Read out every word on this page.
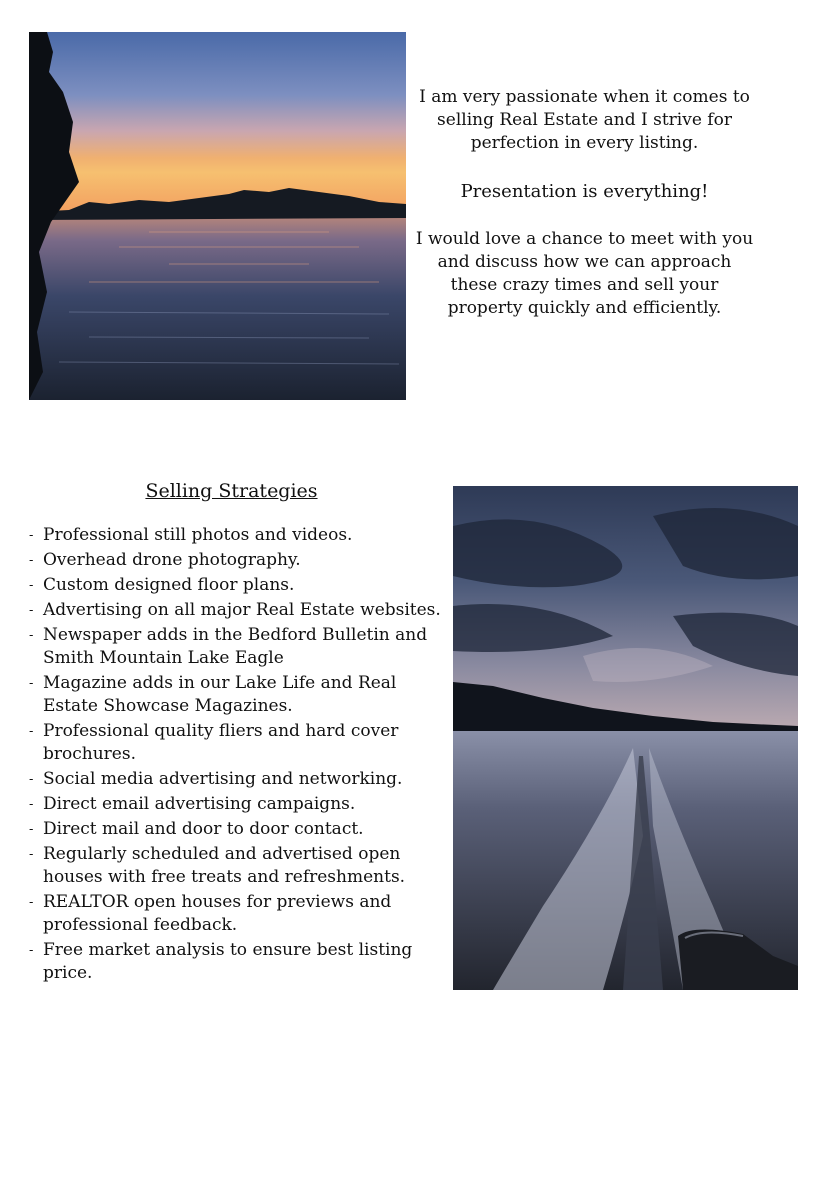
I am very passionate when it comes to selling Real Estate and I strive for perfection in every listing.

Presentation is everything!

I would love a chance to meet with you and discuss how we can approach these crazy times and sell your property quickly and efficiently.

Selling Strategies
- Professional still photos and videos.
- Overhead drone photography.
- Custom designed floor plans.
- Advertising on all major Real Estate websites.
- Newspaper adds in the Bedford Bulletin and Smith Mountain Lake Eagle
- Magazine adds in our Lake Life and Real Estate Showcase Magazines.
- Professional quality fliers and hard cover brochures.
- Social media advertising and networking.
- Direct email advertising campaigns.
- Direct mail and door to door contact.
- Regularly scheduled and advertised open houses with free treats and refreshments.
- REALTOR open houses for previews and professional feedback.
- Free market analysis to ensure best listing price.
